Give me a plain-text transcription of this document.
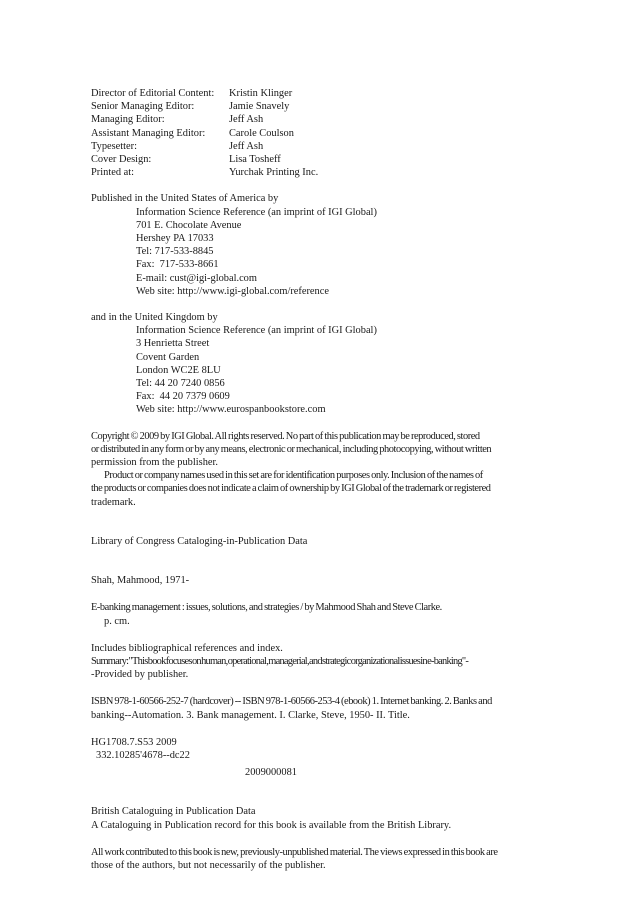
Director of Editorial Content:	Kristin Klinger
Senior Managing Editor:	Jamie Snavely
Managing Editor:	Jeff Ash
Assistant Managing Editor:	Carole Coulson
Typesetter:	Jeff Ash
Cover Design:	Lisa Tosheff
Printed at:	Yurchak Printing Inc.

Published in the United States of America by

Information Science Reference (an imprint of IGI Global)

701 E. Chocolate Avenue

Hershey PA 17033

Tel: 717-533-8845

Fax:  717-533-8661

E-mail: cust@igi-global.com

Web site: http://www.igi-global.com/reference

and in the United Kingdom by

Information Science Reference (an imprint of IGI Global)

3 Henrietta Street

Covent Garden

London WC2E 8LU

Tel: 44 20 7240 0856

Fax:  44 20 7379 0609

Web site: http://www.eurospanbookstore.com

Copyright © 2009 by IGI Global. All rights reserved. No part of this publication may be reproduced, stored

or distributed in any form or by any means, electronic or mechanical, including photocopying, without written

permission from the publisher.

Product or company names used in this set are for identification purposes only. Inclusion of the names of

the products or companies does not indicate a claim of ownership by IGI Global of the trademark or registered

trademark.

Library of Congress Cataloging-in-Publication Data

Shah, Mahmood, 1971-

E-banking management : issues, solutions, and strategies / by Mahmood Shah and Steve Clarke.

p. cm.

Includes bibliographical references and index.

Summary: "This book focuses on human, operational, managerial, and strategic organizational issues in e-banking"-

-Provided by publisher.

ISBN 978-1-60566-252-7 (hardcover) -- ISBN 978-1-60566-253-4 (ebook) 1. Internet banking. 2. Banks and

banking--Automation. 3. Bank management. I. Clarke, Steve, 1950- II. Title.

HG1708.7.S53 2009

332.10285'4678--dc22

2009000081

British Cataloguing in Publication Data

A Cataloguing in Publication record for this book is available from the British Library.

All work contributed to this book is new, previously-unpublished material. The views expressed in this book are

those of the authors, but not necessarily of the publisher.
